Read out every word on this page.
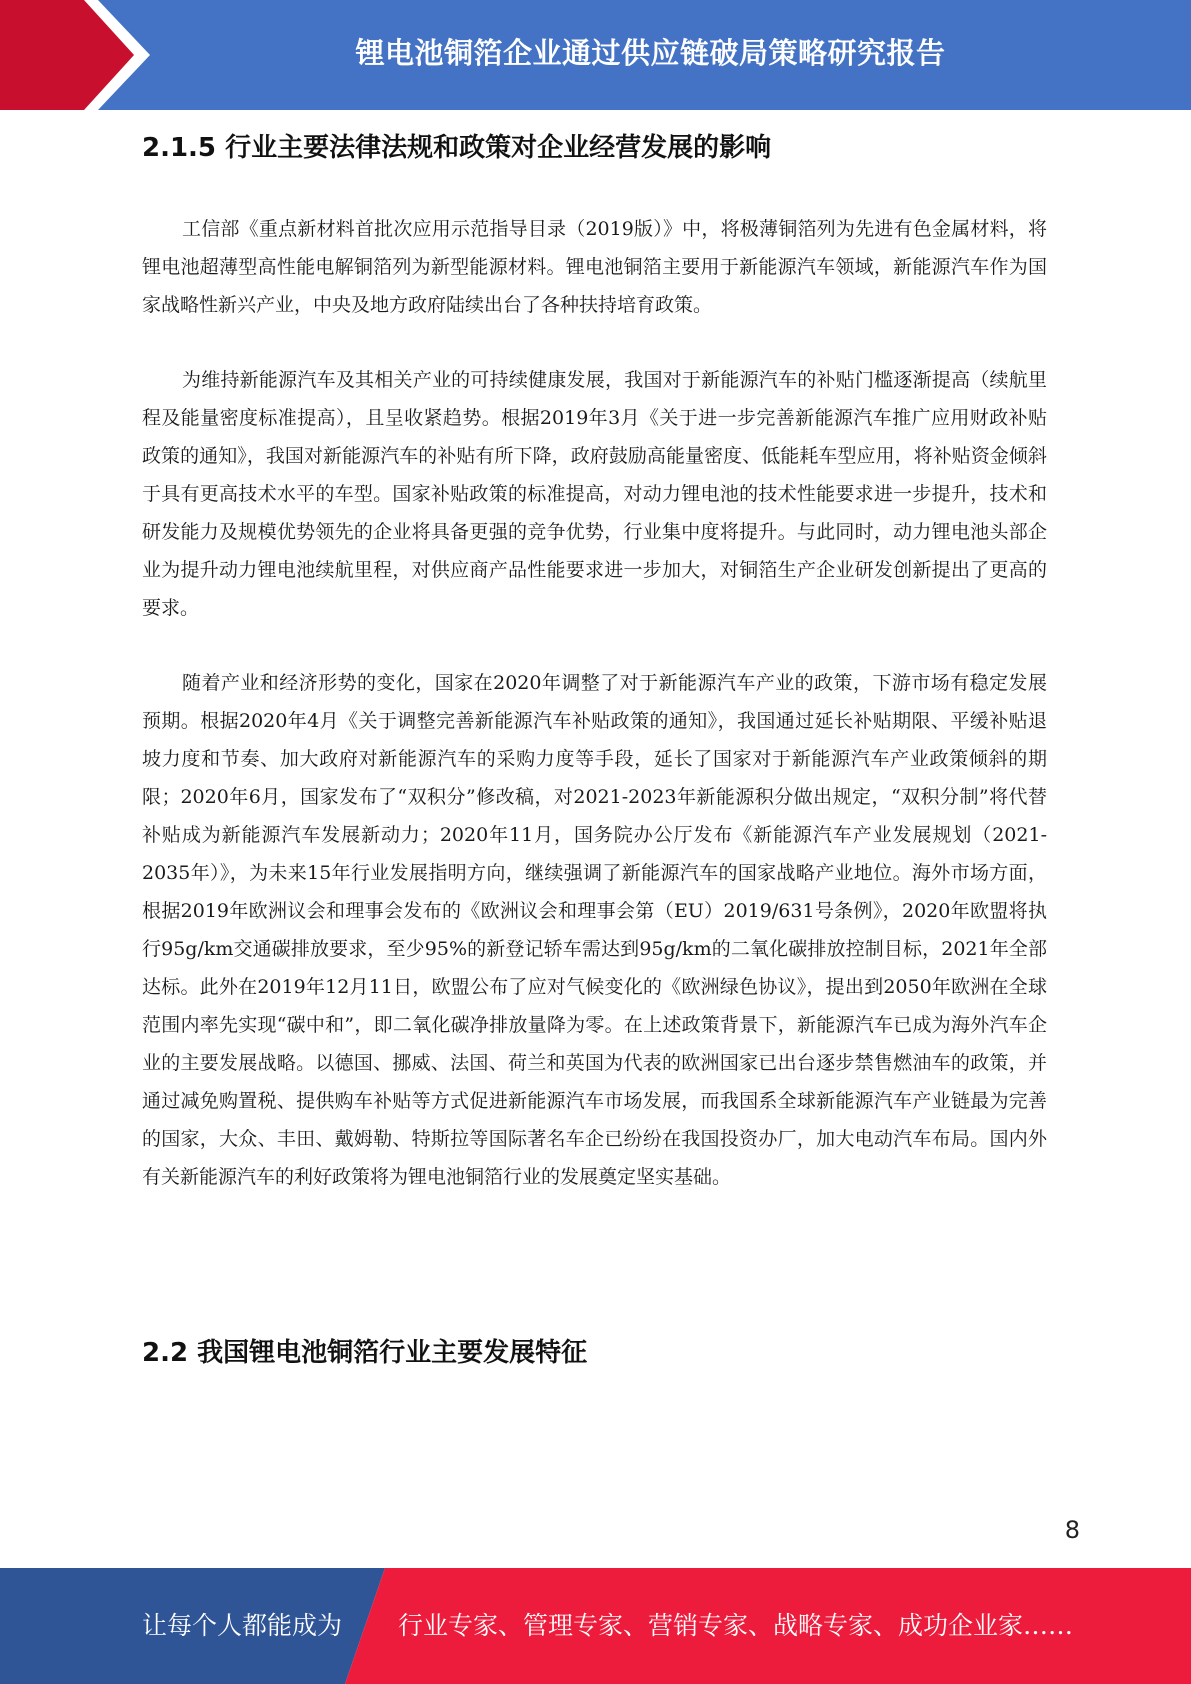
锂电池铜箔企业通过供应链破局策略研究报告
2.1.5 行业主要法律法规和政策对企业经营发展的影响

工信部《重点新材料首批次应用示范指导目录（2019版）》中，将极薄铜箔列为先进有色金属材料，将锂电池超薄型高性能电解铜箔列为新型能源材料。锂电池铜箔主要用于新能源汽车领域，新能源汽车作为国家战略性新兴产业，中央及地方政府陆续出台了各种扶持培育政策。

为维持新能源汽车及其相关产业的可持续健康发展，我国对于新能源汽车的补贴门槛逐渐提高（续航里程及能量密度标准提高），且呈收紧趋势。根据2019年3月《关于进一步完善新能源汽车推广应用财政补贴政策的通知》，我国对新能源汽车的补贴有所下降，政府鼓励高能量密度、低能耗车型应用，将补贴资金倾斜于具有更高技术水平的车型。国家补贴政策的标准提高，对动力锂电池的技术性能要求进一步提升，技术和研发能力及规模优势领先的企业将具备更强的竞争优势，行业集中度将提升。与此同时，动力锂电池头部企业为提升动力锂电池续航里程，对供应商产品性能要求进一步加大，对铜箔生产企业研发创新提出了更高的要求。

随着产业和经济形势的变化，国家在2020年调整了对于新能源汽车产业的政策，下游市场有稳定发展预期。根据2020年4月《关于调整完善新能源汽车补贴政策的通知》，我国通过延长补贴期限、平缓补贴退坡力度和节奏、加大政府对新能源汽车的采购力度等手段，延长了国家对于新能源汽车产业政策倾斜的期限；2020年6月，国家发布了“双积分”修改稿，对2021-2023年新能源积分做出规定，“双积分制”将代替补贴成为新能源汽车发展新动力；2020年11月，国务院办公厅发布《新能源汽车产业发展规划（2021-2035年）》，为未来15年行业发展指明方向，继续强调了新能源汽车的国家战略产业地位。海外市场方面，根据2019年欧洲议会和理事会发布的《欧洲议会和理事会第（EU）2019/631号条例》，2020年欧盟将执行95g/km交通碳排放要求，至少95%的新登记轿车需达到95g/km的二氧化碳排放控制目标，2021年全部达标。此外在2019年12月11日，欧盟公布了应对气候变化的《欧洲绿色协议》，提出到2050年欧洲在全球范围内率先实现“碳中和”，即二氧化碳净排放量降为零。在上述政策背景下，新能源汽车已成为海外汽车企业的主要发展战略。以德国、挪威、法国、荷兰和英国为代表的欧洲国家已出台逐步禁售燃油车的政策，并通过减免购置税、提供购车补贴等方式促进新能源汽车市场发展，而我国系全球新能源汽车产业链最为完善的国家，大众、丰田、戴姆勒、特斯拉等国际著名车企已纷纷在我国投资办厂，加大电动汽车布局。国内外有关新能源汽车的利好政策将为锂电池铜箔行业的发展奠定坚实基础。

2.2 我国锂电池铜箔行业主要发展特征
8
让每个人都能成为 行业专家、管理专家、营销专家、战略专家、成功企业家……
